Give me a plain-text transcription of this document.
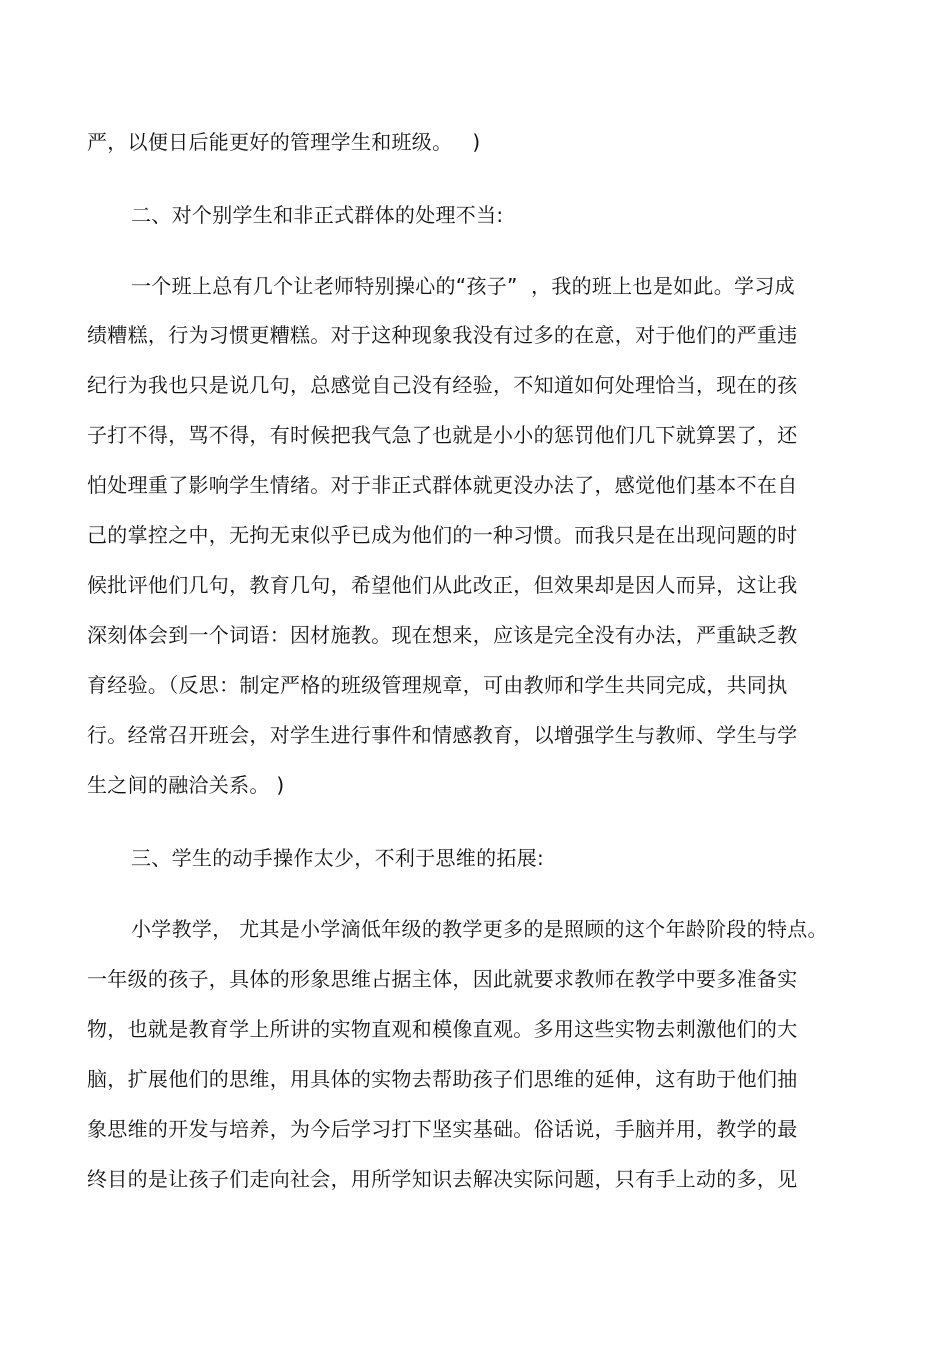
严，以便日后能更好的管理学生和班级。   )
二、对个别学生和非正式群体的处理不当:
一个班上总有几个让老师特别操心的“孩子”  ，我的班上也是如此。学习成
绩糟糕，行为习惯更糟糕。对于这种现象我没有过多的在意，对于他们的严重违
纪行为我也只是说几句，总感觉自己没有经验，不知道如何处理恰当，现在的孩
子打不得，骂不得，有时候把我气急了也就是小小的惩罚他们几下就算罢了，还
怕处理重了影响学生情绪。对于非正式群体就更没办法了，感觉他们基本不在自
己的掌控之中，无拘无束似乎已成为他们的一种习惯。而我只是在出现问题的时
候批评他们几句，教育几句，希望他们从此改正，但效果却是因人而异，这让我
深刻体会到一个词语：因材施教。现在想来，应该是完全没有办法，严重缺乏教
育经验。（反思：制定严格的班级管理规章，可由教师和学生共同完成，共同执
行。经常召开班会，对学生进行事件和情感教育，以增强学生与教师、学生与学
生之间的融洽关系。 )
三、学生的动手操作太少，不利于思维的拓展:
小学教学， 尤其是小学滴低年级的教学更多的是照顾的这个年龄阶段的特点。
一年级的孩子，具体的形象思维占据主体，因此就要求教师在教学中要多准备实
物，也就是教育学上所讲的实物直观和模像直观。多用这些实物去刺激他们的大
脑，扩展他们的思维，用具体的实物去帮助孩子们思维的延伸，这有助于他们抽
象思维的开发与培养，为今后学习打下坚实基础。俗话说，手脑并用，教学的最
终目的是让孩子们走向社会，用所学知识去解决实际问题，只有手上动的多，见
